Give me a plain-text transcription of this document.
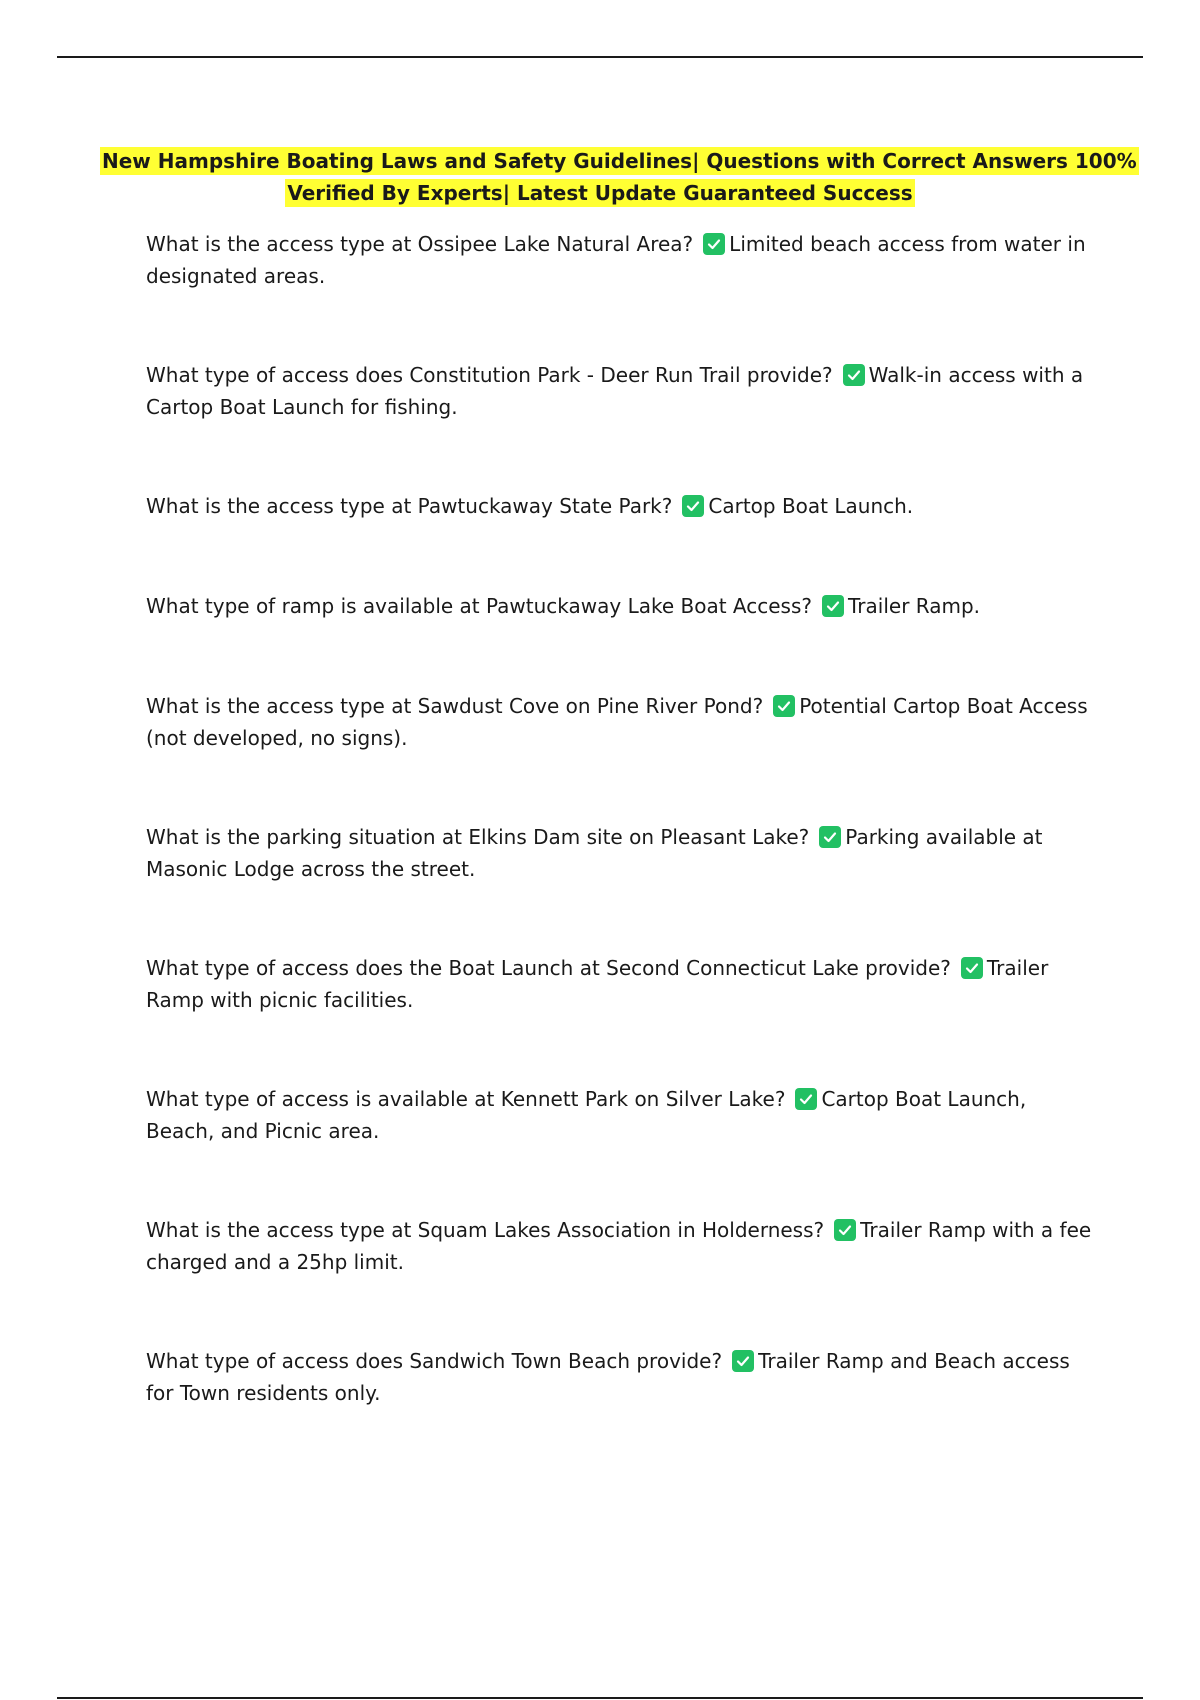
New Hampshire Boating Laws and Safety Guidelines| Questions with Correct Answers 100%
Verified By Experts| Latest Update Guaranteed Success
What is the access type at Ossipee Lake Natural Area? Limited beach access from water in designated areas.
What type of access does Constitution Park - Deer Run Trail provide? Walk-in access with a Cartop Boat Launch for fishing.
What is the access type at Pawtuckaway State Park? Cartop Boat Launch.
What type of ramp is available at Pawtuckaway Lake Boat Access? Trailer Ramp.
What is the access type at Sawdust Cove on Pine River Pond? Potential Cartop Boat Access (not developed, no signs).
What is the parking situation at Elkins Dam site on Pleasant Lake? Parking available at Masonic Lodge across the street.
What type of access does the Boat Launch at Second Connecticut Lake provide? Trailer Ramp with picnic facilities.
What type of access is available at Kennett Park on Silver Lake? Cartop Boat Launch, Beach, and Picnic area.
What is the access type at Squam Lakes Association in Holderness? Trailer Ramp with a fee charged and a 25hp limit.
What type of access does Sandwich Town Beach provide? Trailer Ramp and Beach access for Town residents only.
